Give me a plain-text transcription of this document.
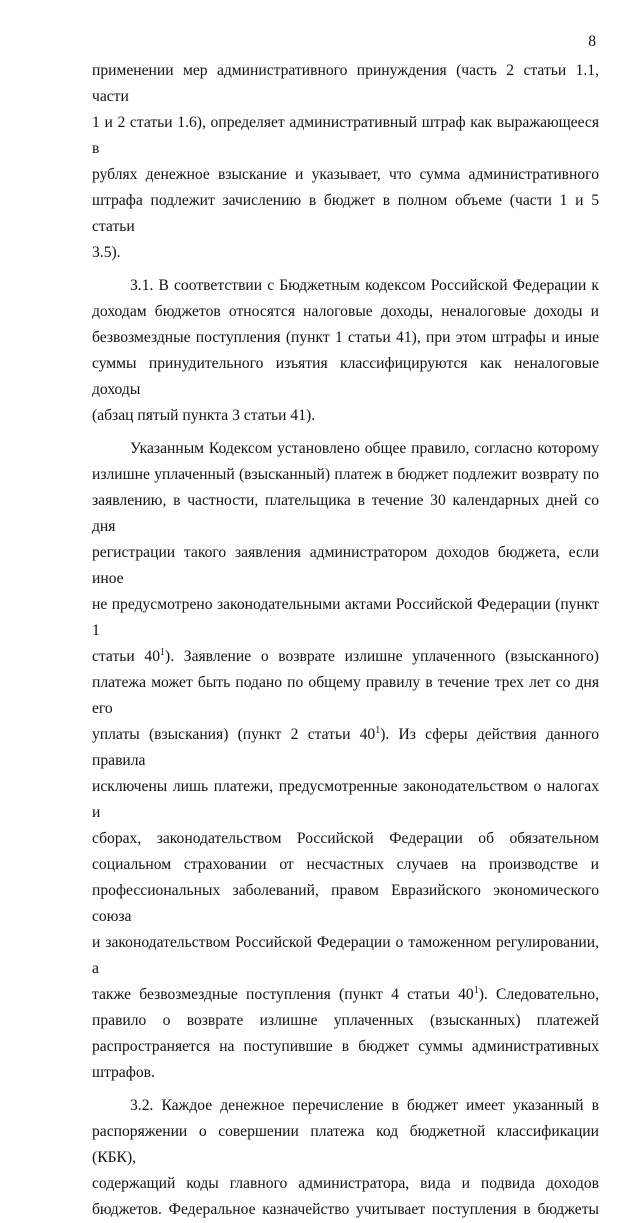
8

применении мер административного принуждения (часть 2 статьи 1.1, части
1 и 2 статьи 1.6), определяет административный штраф как выражающееся в
рублях денежное взыскание и указывает, что сумма административного
штрафа подлежит зачислению в бюджет в полном объеме (части 1 и 5 статьи
3.5).

3.1. В соответствии с Бюджетным кодексом Российской Федерации к
доходам бюджетов относятся налоговые доходы, неналоговые доходы и
безвозмездные поступления (пункт 1 статьи 41), при этом штрафы и иные
суммы принудительного изъятия классифицируются как неналоговые доходы
(абзац пятый пункта 3 статьи 41).

Указанным Кодексом установлено общее правило, согласно которому
излишне уплаченный (взысканный) платеж в бюджет подлежит возврату по
заявлению, в частности, плательщика в течение 30 календарных дней со дня
регистрации такого заявления администратором доходов бюджета, если иное
не предусмотрено законодательными актами Российской Федерации (пункт 1
статьи $40^1$). Заявление о возврате излишне уплаченного (взысканного)
платежа может быть подано по общему правилу в течение трех лет со дня его
уплаты (взыскания) (пункт 2 статьи $40^1$). Из сферы действия данного правила
исключены лишь платежи, предусмотренные законодательством о налогах и
сборах, законодательством Российской Федерации об обязательном
социальном страховании от несчастных случаев на производстве и
профессиональных заболеваний, правом Евразийского экономического союза
и законодательством Российской Федерации о таможенном регулировании, а
также безвозмездные поступления (пункт 4 статьи $40^1$). Следовательно,
правило о возврате излишне уплаченных (взысканных) платежей
распространяется на поступившие в бюджет суммы административных
штрафов.

3.2. Каждое денежное перечисление в бюджет имеет указанный в
распоряжении о совершении платежа код бюджетной классификации (КБК),
содержащий коды главного администратора, вида и подвида доходов
бюджетов. Федеральное казначейство учитывает поступления в бюджеты
